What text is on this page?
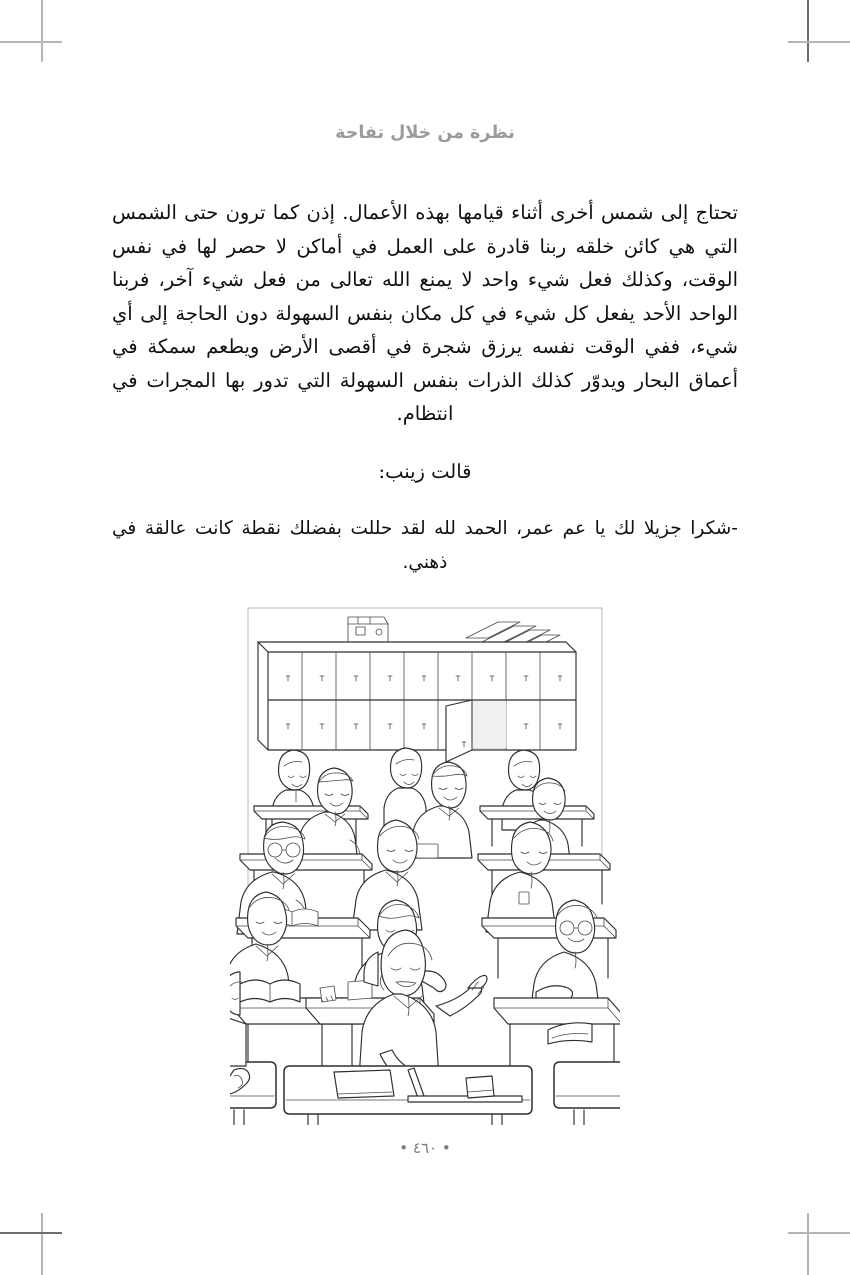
نظرة من خلال تفاحة

تحتاج إلى شمس أخرى أثناء قيامها بهذه الأعمال. إذن كما ترون حتى الشمس التي هي كائن خلقه ربنا قادرة على العمل في أماكن لا حصر لها في نفس الوقت، وكذلك فعل شيء واحد لا يمنع الله تعالى من فعل شيء آخر، فربنا الواحد الأحد يفعل كل شيء في كل مكان بنفس السهولة دون الحاجة إلى أي شيء، ففي الوقت نفسه يرزق شجرة في أقصى الأرض ويطعم سمكة في أعماق البحار ويدوّر كذلك الذرات بنفس السهولة التي تدور بها المجرات في انتظام.

قالت زينب:

-شكرا جزيلا لك يا عم عمر، الحمد لله لقد حللت بفضلك نقطة كانت عالقة في ذهني.

• ٤٦٠ •
